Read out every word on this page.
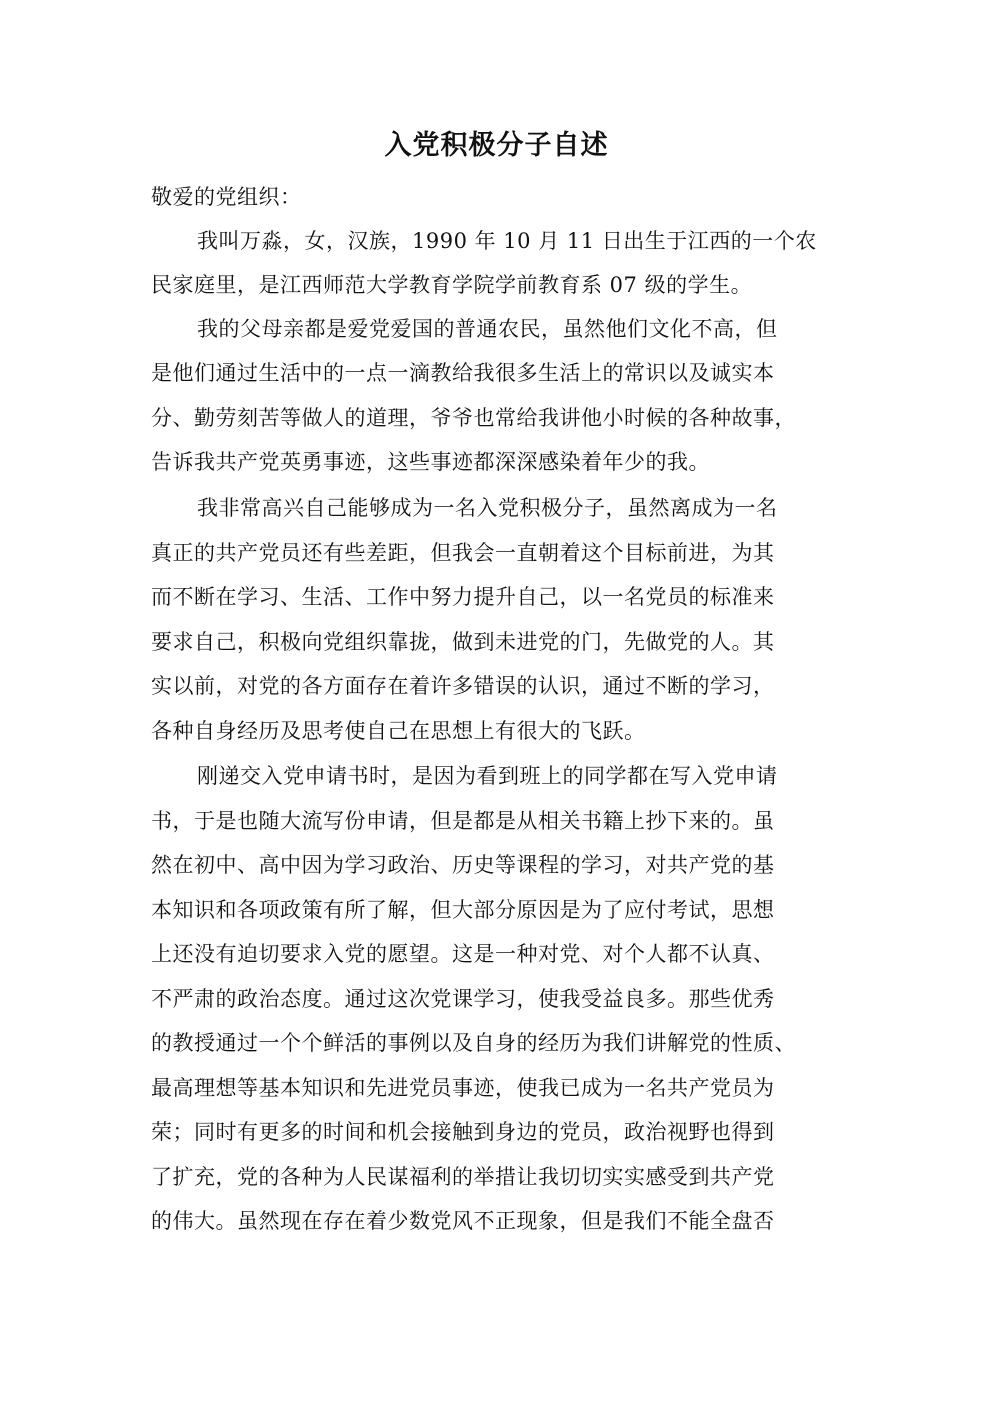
入党积极分子自述
敬爱的党组织：
我叫万淼，女，汉族，1990 年 10 月 11 日出生于江西的一个农
民家庭里，是江西师范大学教育学院学前教育系 07 级的学生。
我的父母亲都是爱党爱国的普通农民，虽然他们文化不高，但
是他们通过生活中的一点一滴教给我很多生活上的常识以及诚实本
分、勤劳刻苦等做人的道理，爷爷也常给我讲他小时候的各种故事，
告诉我共产党英勇事迹，这些事迹都深深感染着年少的我。
我非常高兴自己能够成为一名入党积极分子，虽然离成为一名
真正的共产党员还有些差距，但我会一直朝着这个目标前进，为其
而不断在学习、生活、工作中努力提升自己，以一名党员的标准来
要求自己，积极向党组织靠拢，做到未进党的门，先做党的人。其
实以前，对党的各方面存在着许多错误的认识，通过不断的学习，
各种自身经历及思考使自己在思想上有很大的飞跃。
刚递交入党申请书时，是因为看到班上的同学都在写入党申请
书，于是也随大流写份申请，但是都是从相关书籍上抄下来的。虽
然在初中、高中因为学习政治、历史等课程的学习，对共产党的基
本知识和各项政策有所了解，但大部分原因是为了应付考试，思想
上还没有迫切要求入党的愿望。这是一种对党、对个人都不认真、
不严肃的政治态度。通过这次党课学习，使我受益良多。那些优秀
的教授通过一个个鲜活的事例以及自身的经历为我们讲解党的性质、
最高理想等基本知识和先进党员事迹，使我已成为一名共产党员为
荣；同时有更多的时间和机会接触到身边的党员，政治视野也得到
了扩充，党的各种为人民谋福利的举措让我切切实实感受到共产党
的伟大。虽然现在存在着少数党风不正现象，但是我们不能全盘否
